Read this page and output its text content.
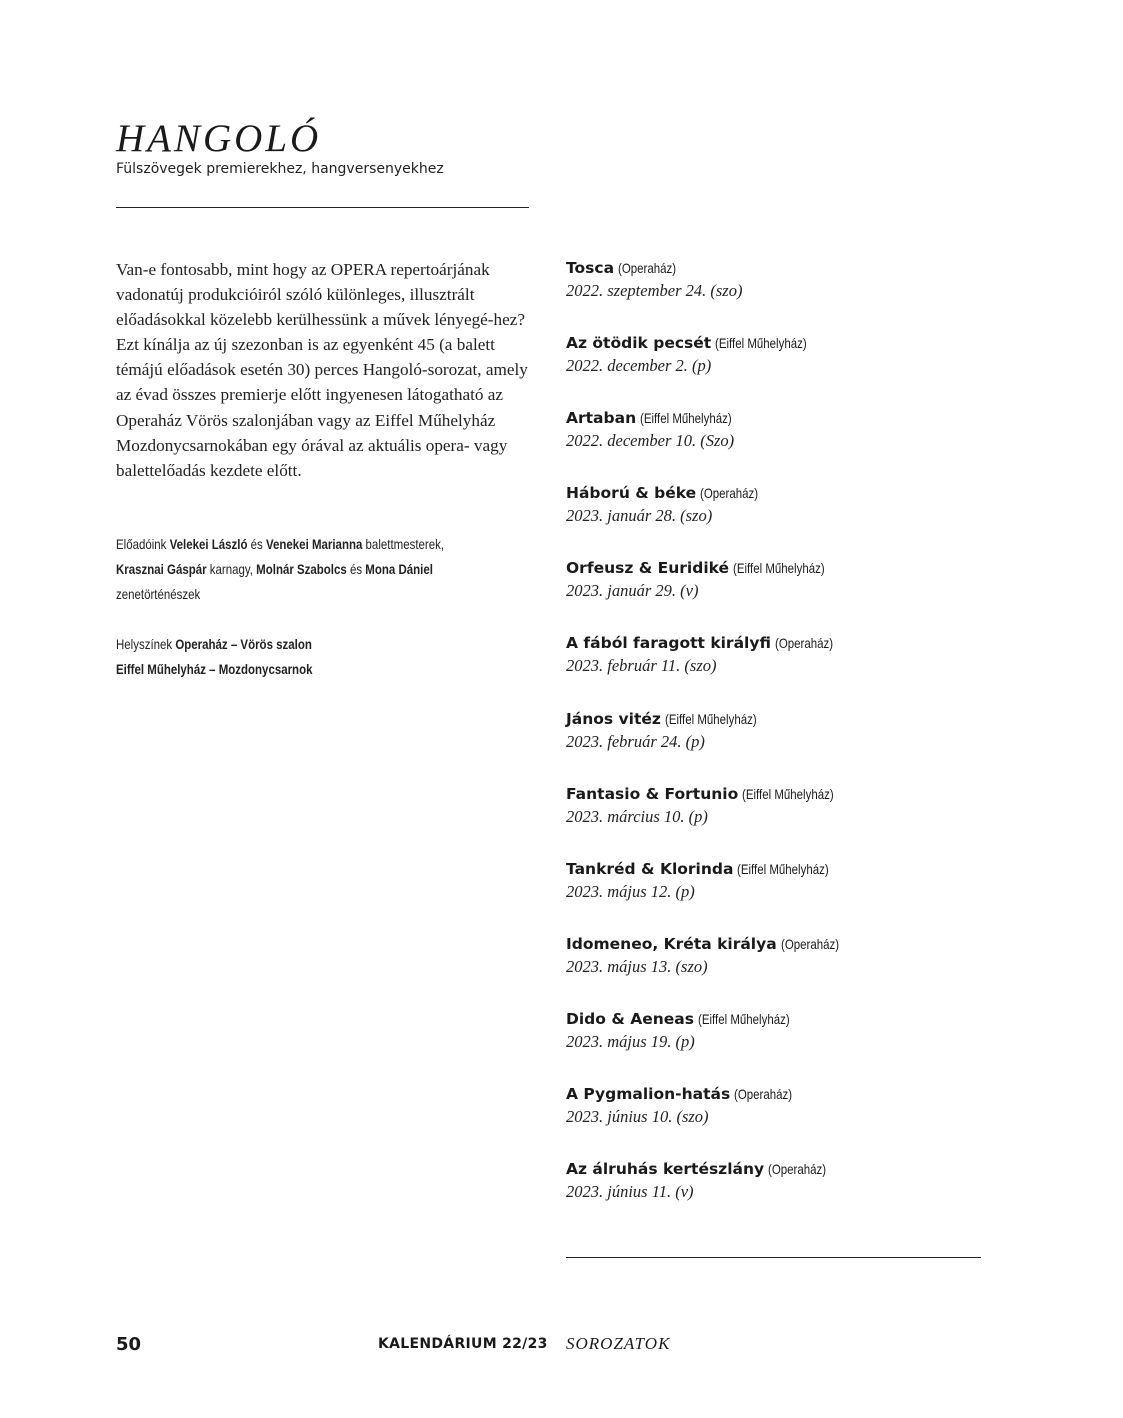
HANGOLÓ
Fülszövegek premierekhez, hangversenyekhez

Van-e fontosabb, mint hogy az OPERA repertoárjának vadonatúj produkcióiról szóló különleges, illusztrált előadásokkal közelebb kerülhessünk a művek lényegé-hez? Ezt kínálja az új szezonban is az egyenként 45 (a balett témájú előadások esetén 30) perces Hangoló-sorozat, amely az évad összes premierje előtt ingyenesen látogatható az Operaház Vörös szalonjában vagy az Eiffel Műhelyház Mozdonycsarnokában egy órával az aktuális opera- vagy balettelőadás kezdete előtt.

Előadóink Velekei László és Venekei Marianna balettmesterek,
Krasznai Gáspár karnagy, Molnár Szabolcs és Mona Dániel
zenetörténészek

Helyszínek Operaház – Vörös szalon
Eiffel Műhelyház – Mozdonycsarnok

Tosca (Operaház)
2022. szeptember 24. (szo)
Az ötödik pecsét (Eiffel Műhelyház)
2022. december 2. (p)
Artaban (Eiffel Műhelyház)
2022. december 10. (Szo)
Háború & béke (Operaház)
2023. január 28. (szo)
Orfeusz & Euridiké (Eiffel Műhelyház)
2023. január 29. (v)
A fából faragott királyfi (Operaház)
2023. február 11. (szo)
János vitéz (Eiffel Műhelyház)
2023. február 24. (p)
Fantasio & Fortunio (Eiffel Műhelyház)
2023. március 10. (p)
Tankréd & Klorinda (Eiffel Műhelyház)
2023. május 12. (p)
Idomeneo, Kréta királya (Operaház)
2023. május 13. (szo)
Dido & Aeneas (Eiffel Műhelyház)
2023. május 19. (p)
A Pygmalion-hatás (Operaház)
2023. június 10. (szo)
Az álruhás kertészlány (Operaház)
2023. június 11. (v)
50	KALENDÁRIUM 22/23 SOROZATOK
